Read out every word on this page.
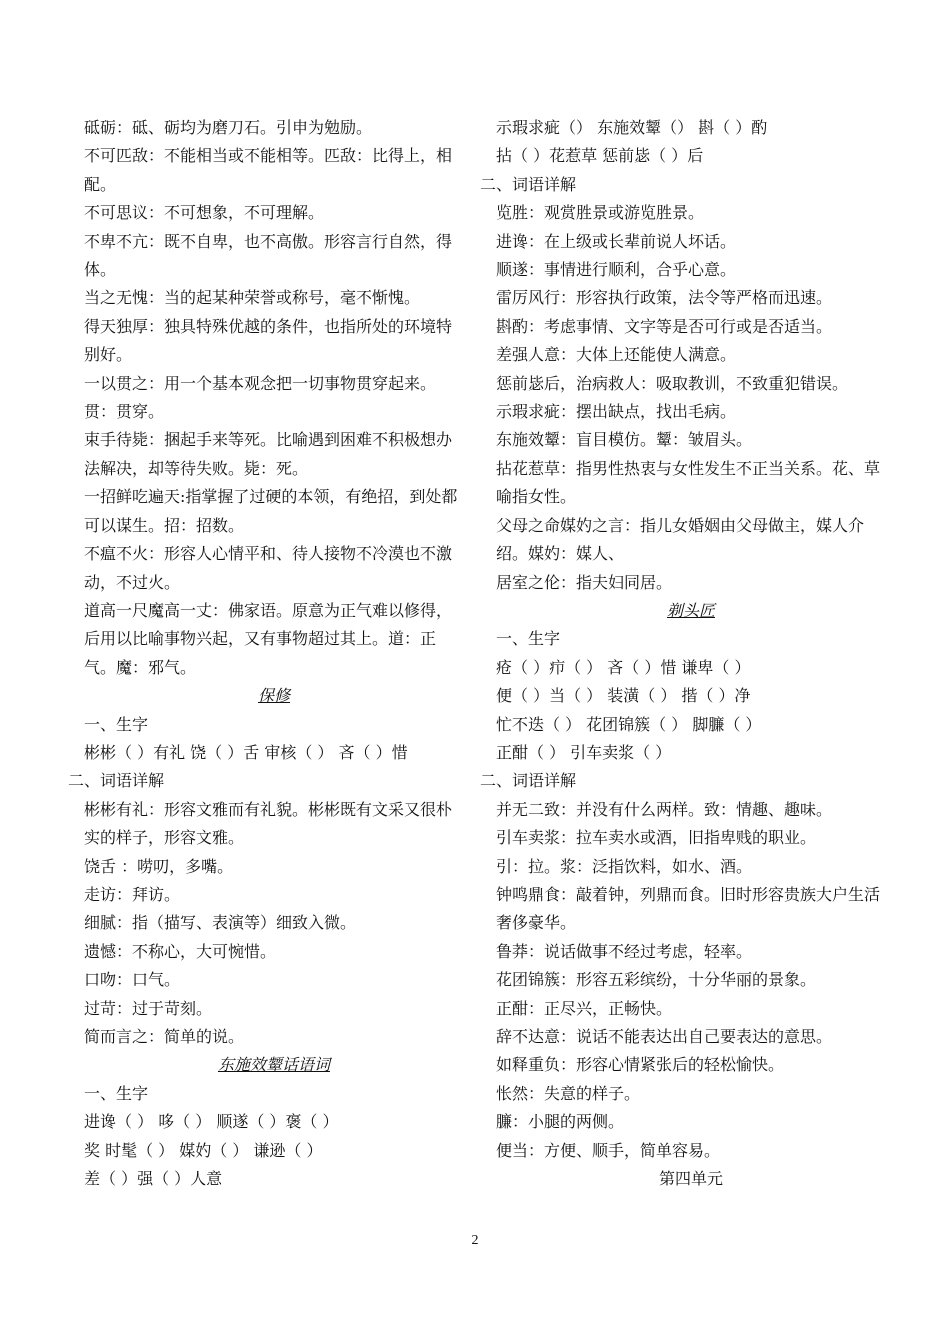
砥砺：砥、砺均为磨刀石。引申为勉励。
不可匹敌：不能相当或不能相等。匹敌：比得上，相配。
不可思议：不可想象，不可理解。
不卑不亢：既不自卑，也不高傲。形容言行自然，得体。
当之无愧：当的起某种荣誉或称号，毫不惭愧。
得天独厚：独具特殊优越的条件，也指所处的环境特别好。
一以贯之：用一个基本观念把一切事物贯穿起来。贯：贯穿。
束手待毙：捆起手来等死。比喻遇到困难不积极想办法解决，却等待失败。毙：死。
一招鲜吃遍天:指掌握了过硬的本领，有绝招，到处都可以谋生。招：招数。
不瘟不火：形容人心情平和、待人接物不冷漠也不激动，不过火。
道高一尺魔高一丈：佛家语。原意为正气难以修得，后用以比喻事物兴起，又有事物超过其上。道：正气。魔：邪气。
保修
一、生字
彬彬（ ）有礼 饶（ ）舌 审核（ ） 吝（ ）惜
二、词语详解
彬彬有礼：形容文雅而有礼貌。彬彬既有文采又很朴实的样子，形容文雅。
饶舌 ：唠叨，多嘴。
走访：拜访。
细腻：指（描写、表演等）细致入微。
遗憾：不称心，大可惋惜。
口吻：口气。
过苛：过于苛刻。
简而言之：简单的说。
东施效颦话语词
一、生字
进谗（ ） 哆（ ） 顺遂（ ）褒（ ）
奖 时髦（ ） 媒妁（ ） 谦逊（ ）
差（ ）强（ ）人意
示瑕求疵（） 东施效颦（） 斟（ ）酌
拈（ ）花惹草 惩前毖（ ）后
二、词语详解
览胜：观赏胜景或游览胜景。
进谗：在上级或长辈前说人坏话。
顺遂：事情进行顺利，合乎心意。
雷厉风行：形容执行政策，法令等严格而迅速。
斟酌：考虑事情、文字等是否可行或是否适当。
差强人意：大体上还能使人满意。
惩前毖后，治病救人：吸取教训，不致重犯错误。
示瑕求疵：摆出缺点，找出毛病。
东施效颦：盲目模仿。颦：皱眉头。
拈花惹草：指男性热衷与女性发生不正当关系。花、草喻指女性。
父母之命媒妁之言：指儿女婚姻由父母做主，媒人介绍。媒妁：媒人、
居室之伦：指夫妇同居。
剃头匠
一、生字
疮（ ）疖（ ） 吝（ ）惜 谦卑（ ）
便（ ）当（ ） 装潢（ ） 揩（ ）净
忙不迭（ ） 花团锦簇（ ） 脚臁（ ）
正酣（ ） 引车卖浆（ ）
二、词语详解
并无二致：并没有什么两样。致：情趣、趣味。
引车卖浆：拉车卖水或酒，旧指卑贱的职业。
引：拉。浆：泛指饮料，如水、酒。
钟鸣鼎食：敲着钟，列鼎而食。旧时形容贵族大户生活奢侈豪华。
鲁莽：说话做事不经过考虑，轻率。
花团锦簇：形容五彩缤纷，十分华丽的景象。
正酣：正尽兴，正畅快。
辞不达意：说话不能表达出自己要表达的意思。
如释重负：形容心情紧张后的轻松愉快。
怅然：失意的样子。
臁：小腿的两侧。
便当：方便、顺手，简单容易。
第四单元
2
